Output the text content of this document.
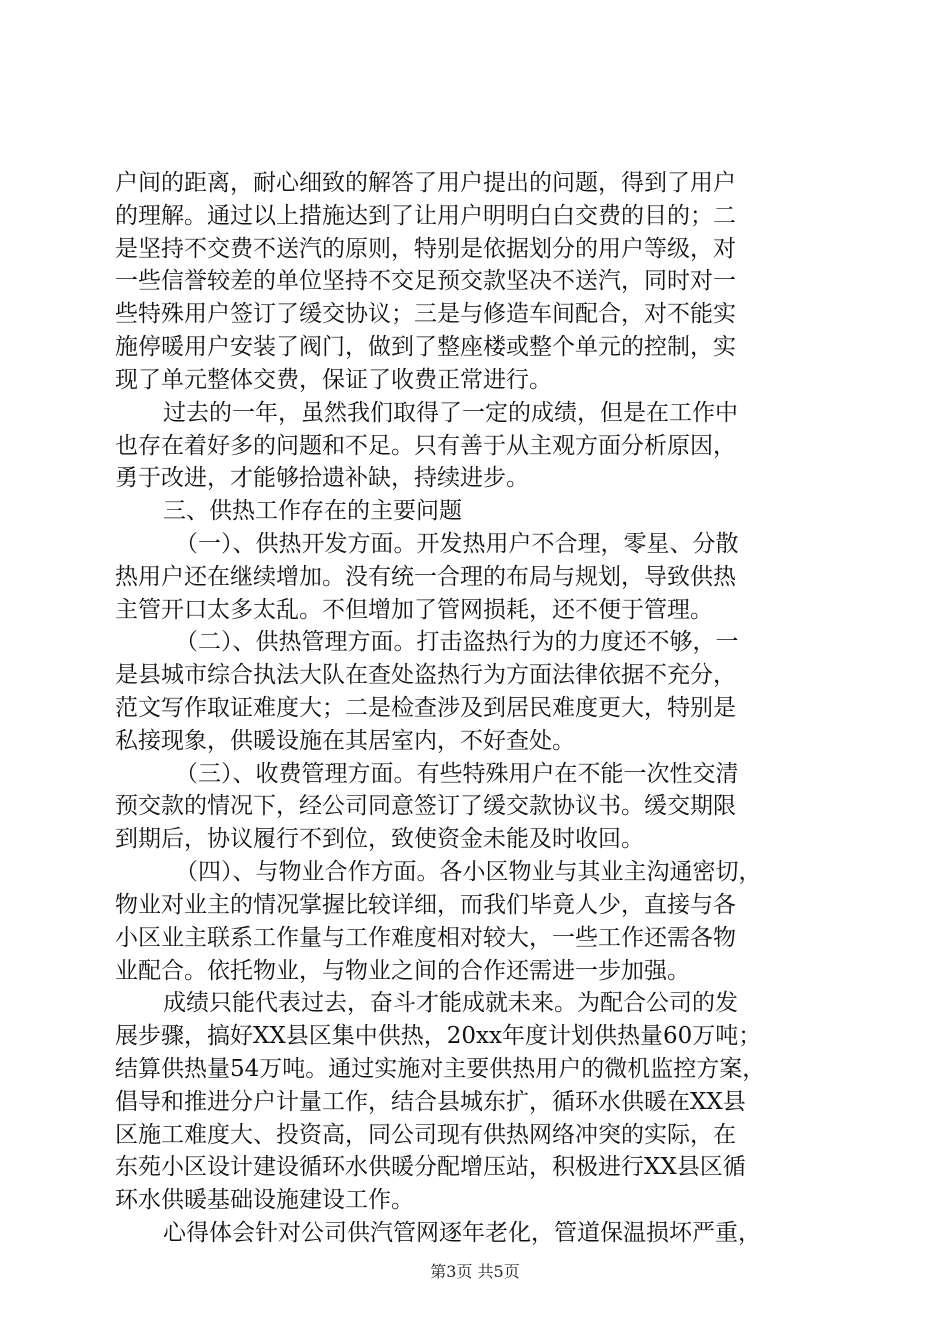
户间的距离，耐心细致的解答了用户提出的问题，得到了用户
的理解。通过以上措施达到了让用户明明白白交费的目的；二
是坚持不交费不送汽的原则，特别是依据划分的用户等级，对
一些信誉较差的单位坚持不交足预交款坚决不送汽，同时对一
些特殊用户签订了缓交协议；三是与修造车间配合，对不能实
施停暖用户安装了阀门，做到了整座楼或整个单元的控制，实
现了单元整体交费，保证了收费正常进行。
过去的一年，虽然我们取得了一定的成绩，但是在工作中
也存在着好多的问题和不足。只有善于从主观方面分析原因，
勇于改进，才能够拾遗补缺，持续进步。
三、供热工作存在的主要问题
（一）、供热开发方面。开发热用户不合理，零星、分散
热用户还在继续增加。没有统一合理的布局与规划，导致供热
主管开口太多太乱。不但增加了管网损耗，还不便于管理。
（二）、供热管理方面。打击盗热行为的力度还不够，一
是县城市综合执法大队在查处盗热行为方面法律依据不充分，
范文写作取证难度大；二是检查涉及到居民难度更大，特别是
私接现象，供暖设施在其居室内，不好查处。
（三）、收费管理方面。有些特殊用户在不能一次性交清
预交款的情况下，经公司同意签订了缓交款协议书。缓交期限
到期后，协议履行不到位，致使资金未能及时收回。
（四）、与物业合作方面。各小区物业与其业主沟通密切，
物业对业主的情况掌握比较详细，而我们毕竟人少，直接与各
小区业主联系工作量与工作难度相对较大，一些工作还需各物
业配合。依托物业，与物业之间的合作还需进一步加强。
成绩只能代表过去，奋斗才能成就未来。为配合公司的发
展步骤，搞好XX县区集中供热，20xx年度计划供热量60万吨；
结算供热量54万吨。通过实施对主要供热用户的微机监控方案，
倡导和推进分户计量工作，结合县城东扩，循环水供暖在XX县
区施工难度大、投资高，同公司现有供热网络冲突的实际，在
东苑小区设计建设循环水供暖分配增压站，积极进行XX县区循
环水供暖基础设施建设工作。
心得体会针对公司供汽管网逐年老化，管道保温损坏严重，
第3页 共5页
